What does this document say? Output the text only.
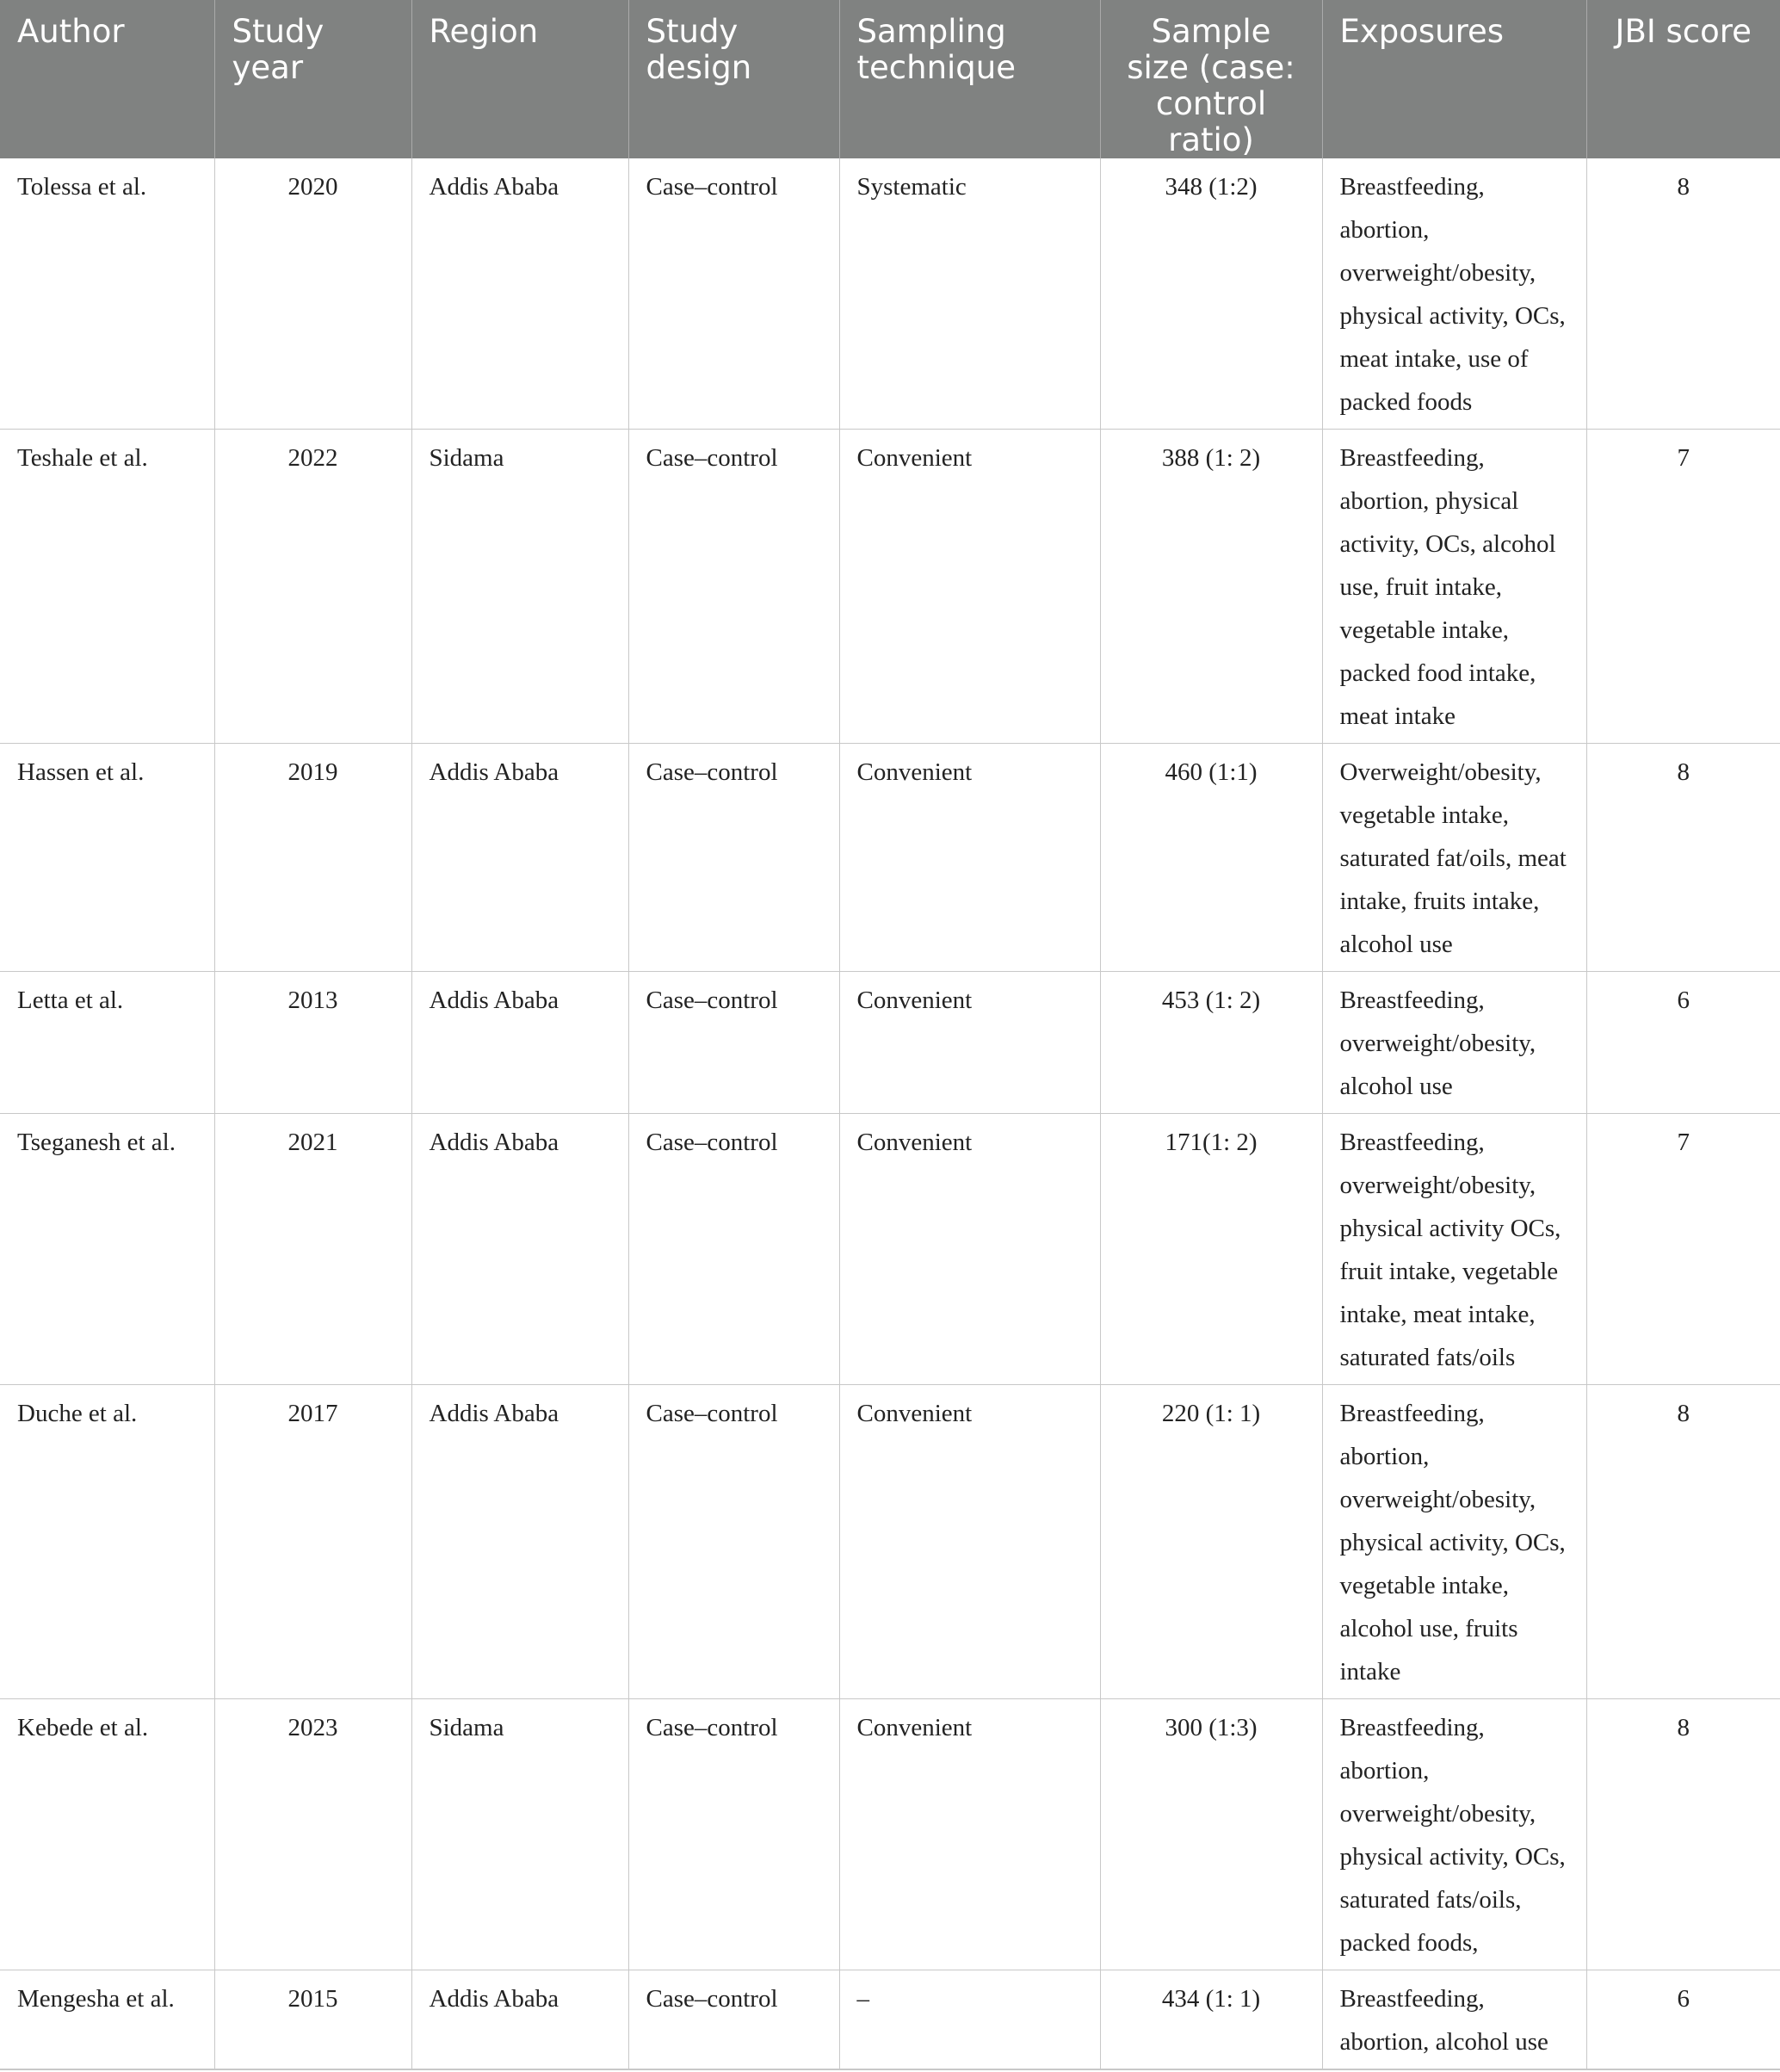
Author	Study year	Region	Study design	Sampling technique	Sample size (case: control ratio)	Exposures	JBI score
Tolessa et al.	2020	Addis Ababa	Case–control	Systematic	348 (1:2)	Breastfeeding, abortion, overweight/obesity, physical activity, OCs, meat intake, use of packed foods	8
Teshale et al.	2022	Sidama	Case–control	Convenient	388 (1: 2)	Breastfeeding, abortion, physical activity, OCs, alcohol use, fruit intake, vegetable intake, packed food intake, meat intake	7
Hassen et al.	2019	Addis Ababa	Case–control	Convenient	460 (1:1)	Overweight/obesity, vegetable intake, saturated fat/oils, meat intake, fruits intake, alcohol use	8
Letta et al.	2013	Addis Ababa	Case–control	Convenient	453 (1: 2)	Breastfeeding, overweight/obesity, alcohol use	6
Tseganesh et al.	2021	Addis Ababa	Case–control	Convenient	171(1: 2)	Breastfeeding, overweight/obesity, physical activity OCs, fruit intake, vegetable intake, meat intake, saturated fats/oils	7
Duche et al.	2017	Addis Ababa	Case–control	Convenient	220 (1: 1)	Breastfeeding, abortion, overweight/obesity, physical activity, OCs, vegetable intake, alcohol use, fruits intake	8
Kebede et al.	2023	Sidama	Case–control	Convenient	300 (1:3)	Breastfeeding, abortion, overweight/obesity, physical activity, OCs, saturated fats/oils, packed foods,	8
Mengesha et al.	2015	Addis Ababa	Case–control	–	434 (1: 1)	Breastfeeding, abortion, alcohol use	6
